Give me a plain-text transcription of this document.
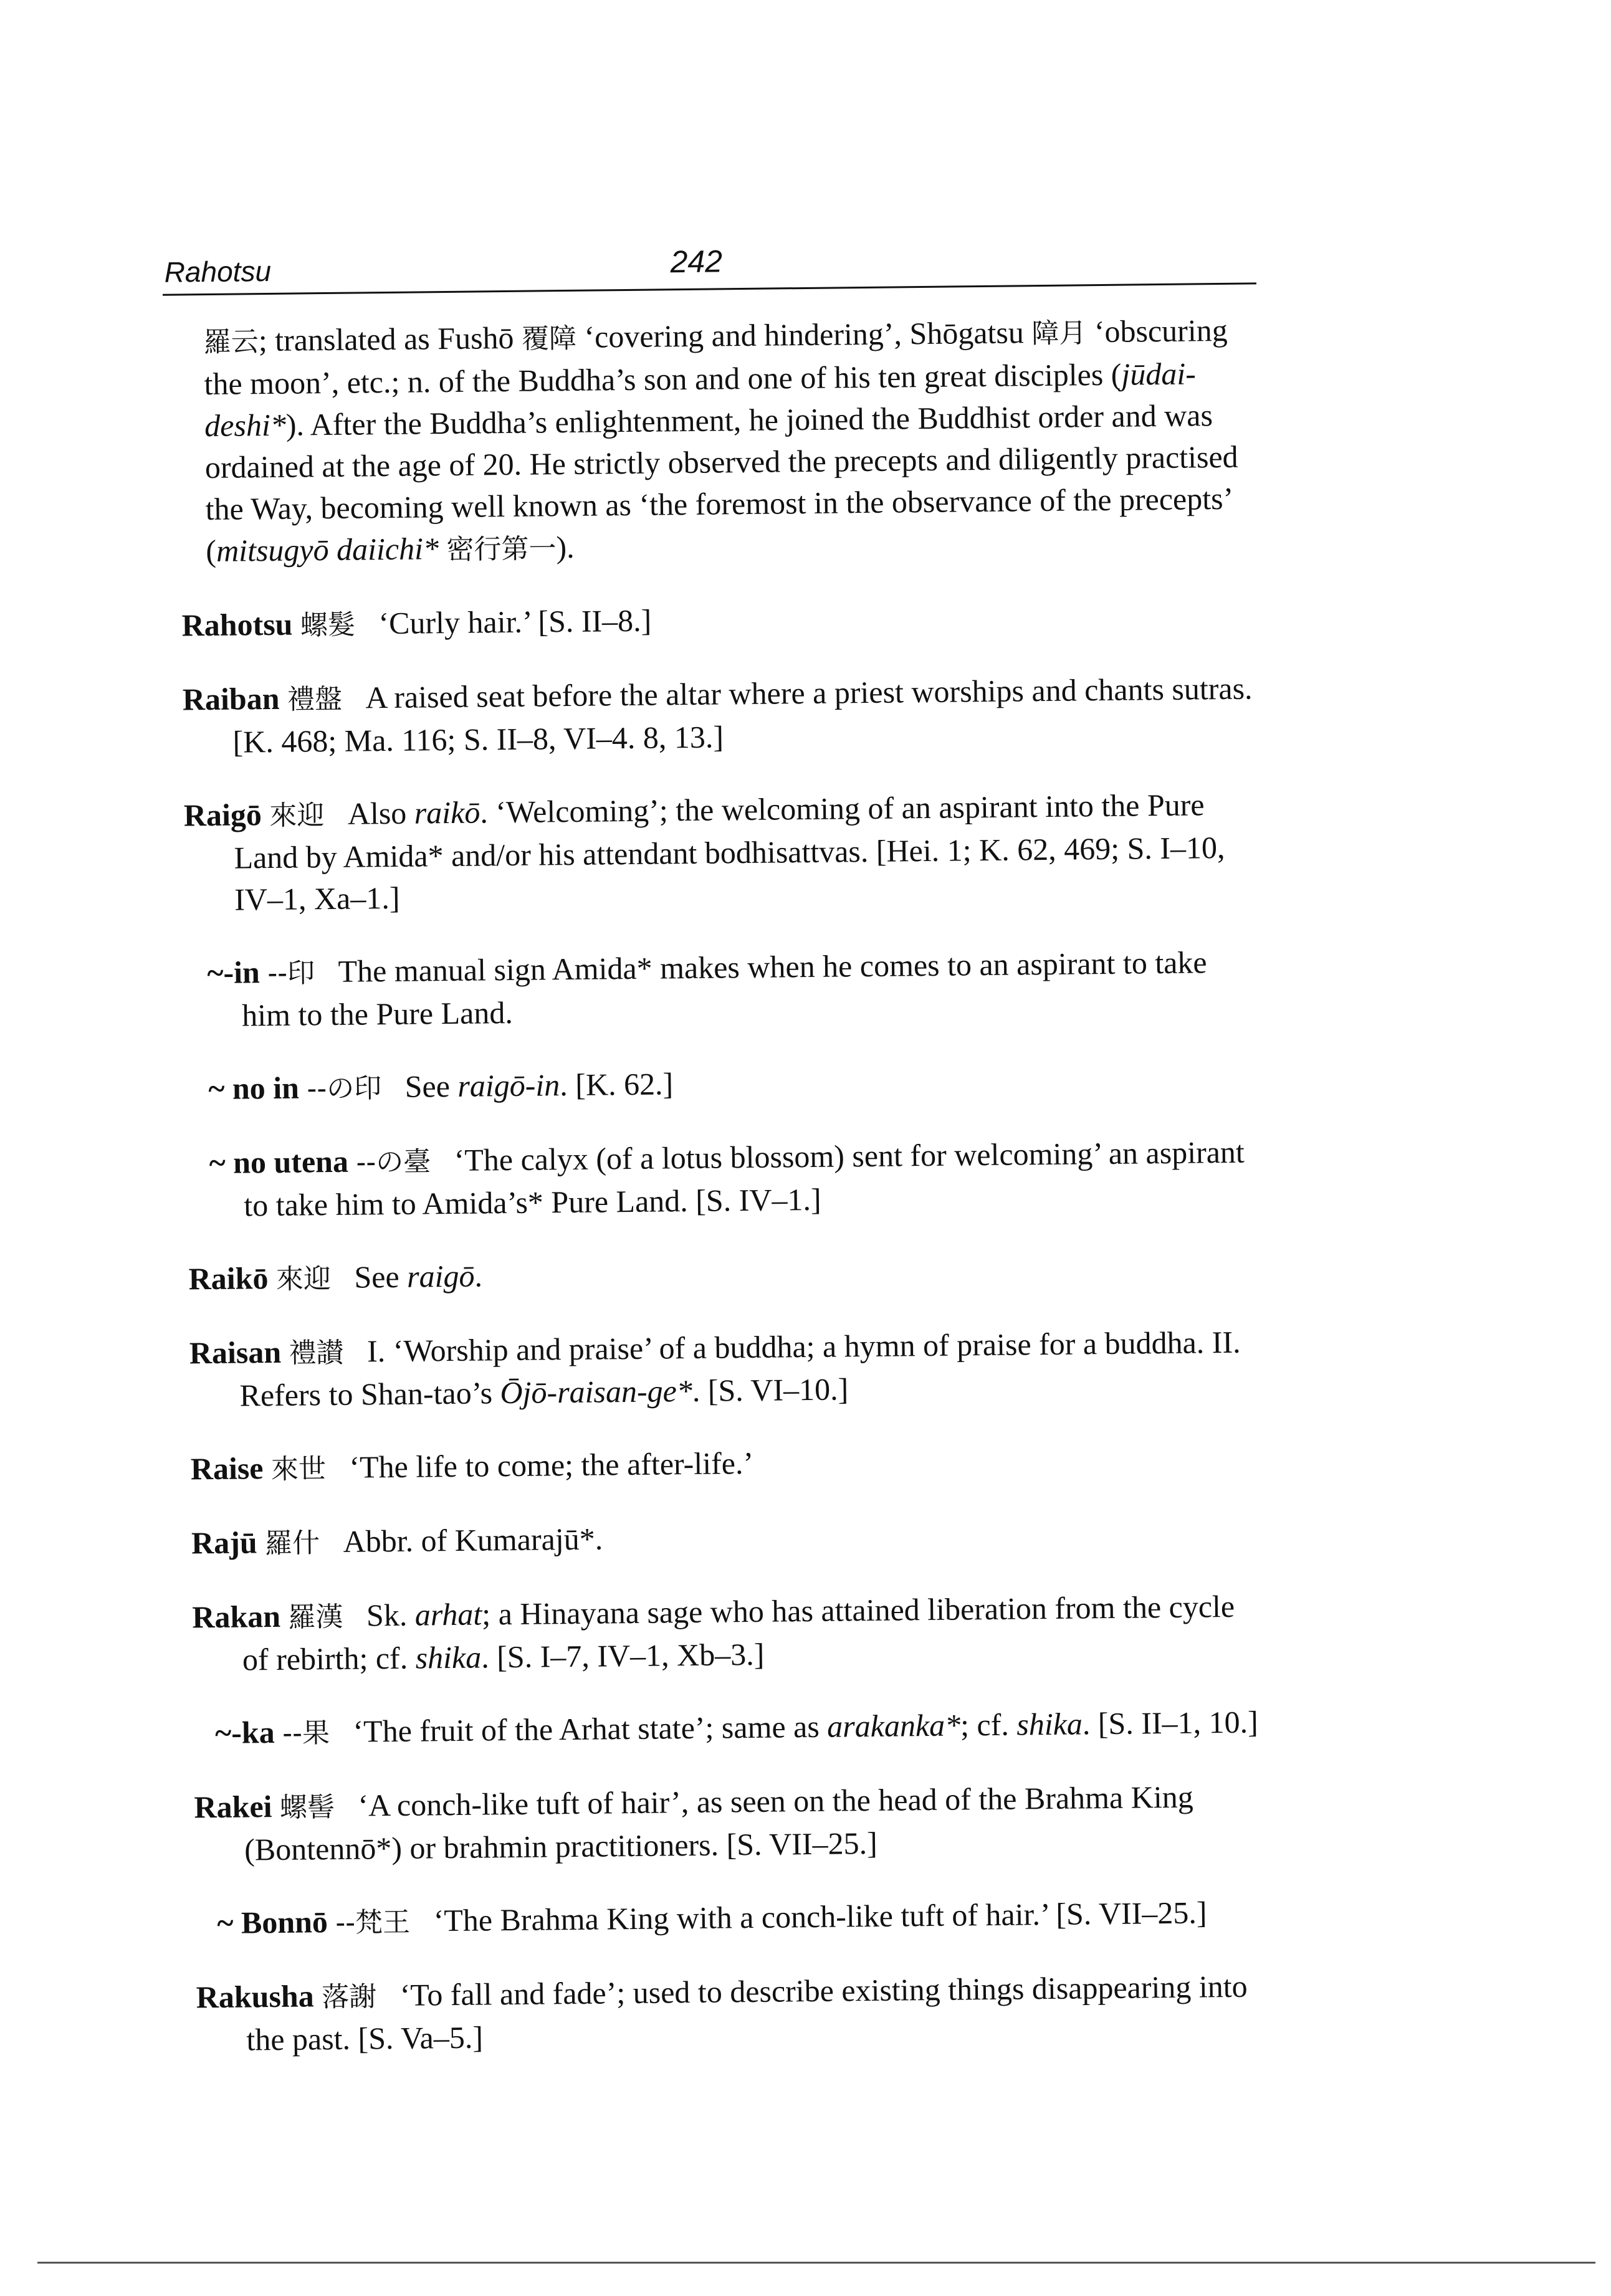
Rahotsu	242

羅云; translated as Fushō 覆障 ‘covering and hindering’, Shōgatsu 障月 ‘obscuring the moon’, etc.; n. of the Buddha’s son and one of his ten great disciples (jūdai-deshi*). After the Buddha’s enlightenment, he joined the Buddhist order and was ordained at the age of 20. He strictly observed the precepts and diligently practised the Way, becoming well known as ‘the foremost in the observance of the precepts’ (mitsugyō daiichi* 密行第一).

Rahotsu 螺髮 ‘Curly hair.’ [S. II–8.]

Raiban 禮盤 A raised seat before the altar where a priest worships and chants sutras. [K. 468; Ma. 116; S. II–8, VI–4. 8, 13.]

Raigō 來迎 Also raikō. ‘Welcoming’; the welcoming of an aspirant into the Pure Land by Amida* and/or his attendant bodhisattvas. [Hei. 1; K. 62, 469; S. I–10, IV–1, Xa–1.]

~-in --印 The manual sign Amida* makes when he comes to an aspirant to take him to the Pure Land.

~ no in --の印 See raigō-in. [K. 62.]

~ no utena --の臺 ‘The calyx (of a lotus blossom) sent for welcoming’ an aspirant to take him to Amida’s* Pure Land. [S. IV–1.]

Raikō 來迎 See raigō.

Raisan 禮讃 I. ‘Worship and praise’ of a buddha; a hymn of praise for a buddha. II. Refers to Shan-tao’s Ōjō-raisan-ge*. [S. VI–10.]

Raise 來世 ‘The life to come; the after-life.’

Rajū 羅什 Abbr. of Kumarajū*.

Rakan 羅漢 Sk. arhat; a Hinayana sage who has attained liberation from the cycle of rebirth; cf. shika. [S. I–7, IV–1, Xb–3.]

~-ka --果 ‘The fruit of the Arhat state’; same as arakanka*; cf. shika. [S. II–1, 10.]

Rakei 螺髻 ‘A conch-like tuft of hair’, as seen on the head of the Brahma King (Bontennō*) or brahmin practitioners. [S. VII–25.]

~ Bonnō --梵王 ‘The Brahma King with a conch-like tuft of hair.’ [S. VII–25.]

Rakusha 落謝 ‘To fall and fade’; used to describe existing things disappearing into the past. [S. Va–5.]
